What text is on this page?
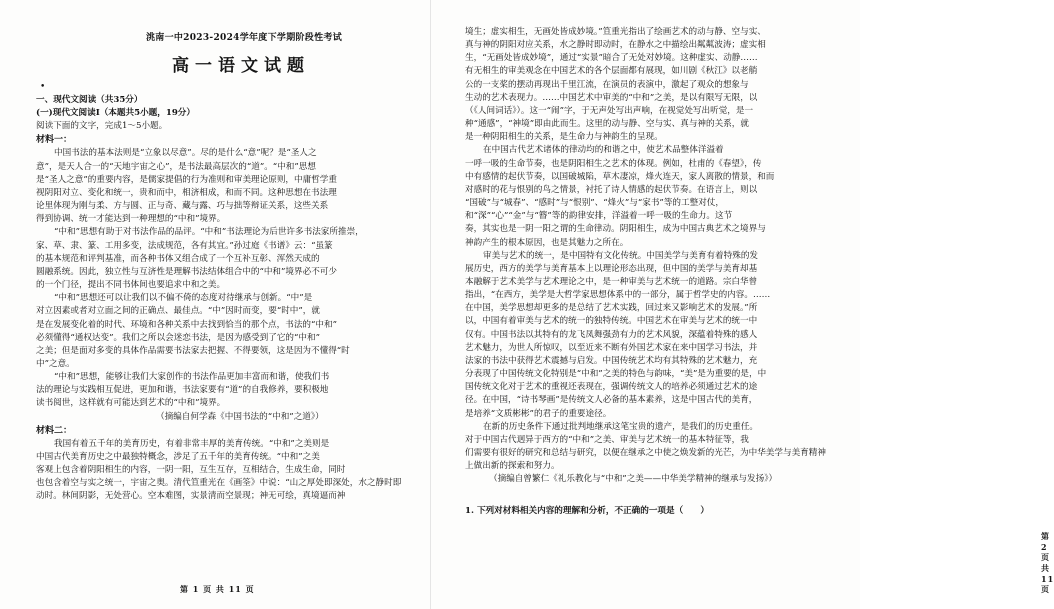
洮南一中2023-2024学年度下学期阶段性考试
高一语文试题
•
一、现代文阅读（共35分）
(一)现代文阅读Ⅰ（本题共5小题，19分）
阅读下面的文字，完成1～5小题。
材料一：
中国书法的基本法则是“立象以尽意”。尽的是什么“意”呢？是“圣人之
意”，是天人合一的“天地宇宙之心”，是书法最高层次的“道”。“中和”思想
是“圣人之意”的重要内容，是儒家提倡的行为准则和审美理论原则，中庸哲学重
视阴阳对立、变化和统一，贵和而中，相济相成，和而不同。这种思想在书法理
论里体现为刚与柔、方与圆、正与奇、藏与露、巧与拙等辩证关系，这些关系
得到协调、统一才能达到一种理想的“中和”境界。
“中和”思想有助于对书法作品的品评。“中和”书法理论为后世许多书法家所推崇，
家、草、隶、篆、工用多变，法成规范，各有其宜。”孙过庭《书谱》云：“虽篆
的基本规范和评判基准，而各种书体又组合成了一个互补互彰、浑然天成的
圆融系统。因此，独立性与互济性是理解书法结体组合中的“中和”境界必不可少
的一个门径，提出不同书体间也要追求中和之美。
“中和”思想还可以让我们以不偏不倚的态度对待继承与创新。“中”是
对立因素或者对立面之间的正确点、最佳点。“中”因时而变，要“时中”，就
是在发展变化着的时代、环境和各种关系中去找到恰当的那个点，书法的“中和”
必须懂得“通权达变”。我们之所以会迷恋书法，是因为感受到了它的“中和”
之美；但是面对多变的具体作品需要书法家去把握、不得要领，这是因为不懂得“时
中”之意。
“中和”思想，能够让我们大家创作的书法作品更加丰富而和谐，使我们书
法的理论与实践相互促进，更加和谐，书法家要有“道”的自我修养，要积极地
读书阅世，这样就有可能达到艺术的“中和”境界。
（摘编自何学森《中国书法的“中和”之道》）
材料二：
我国有着五千年的美育历史，有着非常丰厚的美育传统。“中和”之美则是
中国古代美育历史之中最独特概念，涉足了五千年的美育传统。“中和”之美
客观上包含着阴阳相生的内容，一阴一阳，互生互存，互相结合，生成生命，同时
也包含着空与实之统一，宇宙之奥。清代笪重光在《画筌》中说：“山之厚处即深处，水之静时即
动时。林间阴影，无处营心。空本难图，实景清而空景现；神无可绘，真境逼而神
第 1 页 共 11 页
境生；虚实相生，无画处皆成妙境。”笪重光指出了绘画艺术的动与静、空与实、
真与神的阴阳对应关系，水之静时即动时，在静水之中描绘出粼粼波涛；虚实相
生，“无画处皆成妙境”，通过“实景”暗合了无处对妙境。这种虚实、动静……
有无相生的审美观念在中国艺术的各个层面都有展现，如川剧《秋江》以老艄
公的一支桨的摆动再现出千里江流，在演员的表演中，激起了观众的想象与
生动的艺术表现力。……中国艺术中审美的“中和”之美，是以有限写无限，以
（《人间词话》）。这一“闹”字，于无声处写出声响，在视觉处写出听觉，是一
种“通感”，“神境”即由此而生。这里的动与静、空与实、真与神的关系，就
是一种阴阳相生的关系，是生命力与神韵生的呈现。
在中国古代艺术诸体的律动均的和谐之中，使艺术品整体洋溢着
一呼一吸的生命节奏，也是阴阳相生之艺术的体现。例如，杜甫的《春望》，传
中有感情的起伏节奏，以国破城陷，草木凄凉，烽火连天，家人离散的情景，和而
对感时的花与恨别的鸟之情景，衬托了诗人情感的起伏节奏。在语言上，则以
“国破”与“城春”、“感时”与“恨别”、“烽火”与“家书”等的工整对仗，
和“深”“心”“金”与“簪”等的韵律安排，洋溢着一呼一吸的生命力。这节
奏，其实也是一阴一阳之谓的生命律动。阴阳相生，成为中国古典艺术之境界与
神韵产生的根本原因，也是其魅力之所在。
审美与艺术的统一，是中国特有文化传统。中国美学与美育有着特殊的发
展历史，西方的美学与美育基本上以理论形态出现，但中国的美学与美育却基
本融解于艺术美学与艺术理论之中，是一种审美与艺术统一的道路。宗白华曾
指出，“在西方，美学是大哲学家思想体系中的一部分，属于哲学史的内容。……
在中国，美学思想却更多的是总结了艺术实践，回过来又影响艺术的发展。”所
以，中国有着审美与艺术的统一的独特传统。中国艺术在审美与艺术的统一中
仅有。中国书法以其特有的龙飞凤舞强劲有力的艺术风貌，深蕴着特殊的感人
艺术魅力，为世人所惊叹，以至近来不断有外国艺术家在来中国学习书法，并
法家的书法中获得艺术震撼与启发。中国传统艺术均有其特殊的艺术魅力，充
分表现了中国传统文化特别是“中和”之美的特色与韵味，“美”是为重要的是，中
国传统文化对于艺术的重视还表现在，强调传统文人的培养必须通过艺术的途
径。在中国，“诗书琴画”是传统文人必备的基本素养，这是中国古代的美育，
是培养“文质彬彬”的君子的重要途径。
在新的历史条件下通过批判地继承这笔宝贵的遗产，是我们的历史重任。
对于中国古代迥异于西方的“中和”之美、审美与艺术统一的基本特征等，我
们需要有很好的研究和总结与研究，以便在继承之中使之焕发新的光芒，为中华美学与美育精神
上做出新的探索和努力。
（摘编自曾繁仁《礼乐教化与“中和”之美——中华美学精神的继承与发扬》）
1. 下列对材料相关内容的理解和分析，不正确的一项是（　　）
第 2 页 共 11 页
